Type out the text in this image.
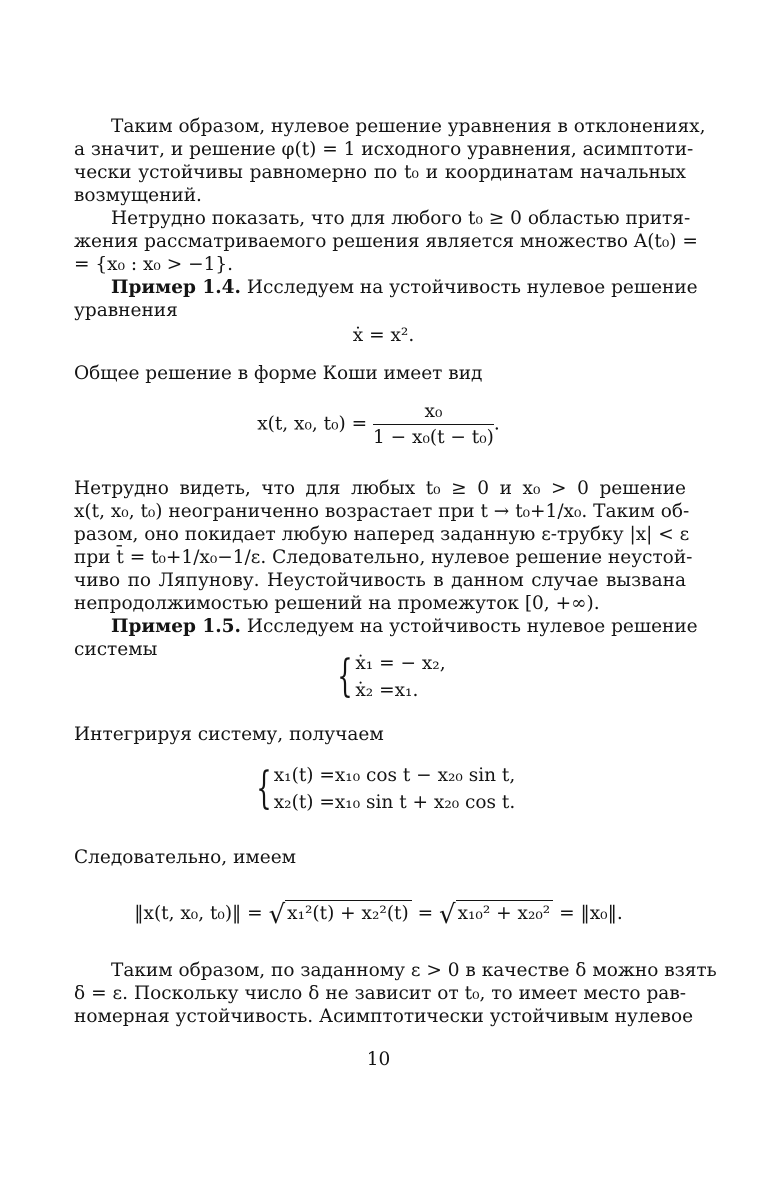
Таким образом, нулевое решение уравнения в отклонениях,
а значит, и решение φ(t) = 1 исходного уравнения, асимптоти-
чески устойчивы равномерно по t₀ и координатам начальных
возмущений.
Нетрудно показать, что для любого t₀ ≥ 0 областью притя-
жения рассматриваемого решения является множество A(t₀) =
= {x₀ : x₀ > −1}.
Пример 1.4. Исследуем на устойчивость нулевое решение
уравнения
ẋ = x².
Общее решение в форме Коши имеет вид
x(t, x₀, $t_0) = \frac{\text{x₀}}{\text{1 − x₀(t − t₀)}}$ .
Нетрудно видеть, что для любых t₀ ≥ 0 и x₀ > 0 решение
x(t, x₀, t₀) неограниченно возрастает при t → t₀+1/x₀. Таким об-
разом, оно покидает любую наперед заданную ε-трубку |x| < ε
при t̄ = t₀+1/x₀−1/ε. Следовательно, нулевое решение неустой-
чиво по Ляпунову. Неустойчивость в данном случае вызвана
непродолжимостью решений на промежуток [0, +∞).
Пример 1.5. Исследуем на устойчивость нулевое решение
системы
{ ẋ₁ = − x₂,
ẋ₂ =x₁.
Интегрируя систему, получаем
{ x₁(t) =x₁₀ cos t − x₂₀ sin t,
x₂(t) =x₁₀ sin t + x₂₀ cos t.
Следовательно, имеем
‖x(t, x₀, t₀)‖ = √ x₁²(t) + x₂²(t) = √ x₁₀² + x₂₀² = ‖x₀‖.
Таким образом, по заданному ε > 0 в качестве δ можно взять
δ = ε. Поскольку число δ не зависит от t₀, то имеет место рав-
номерная устойчивость. Асимптотически устойчивым нулевое
10
